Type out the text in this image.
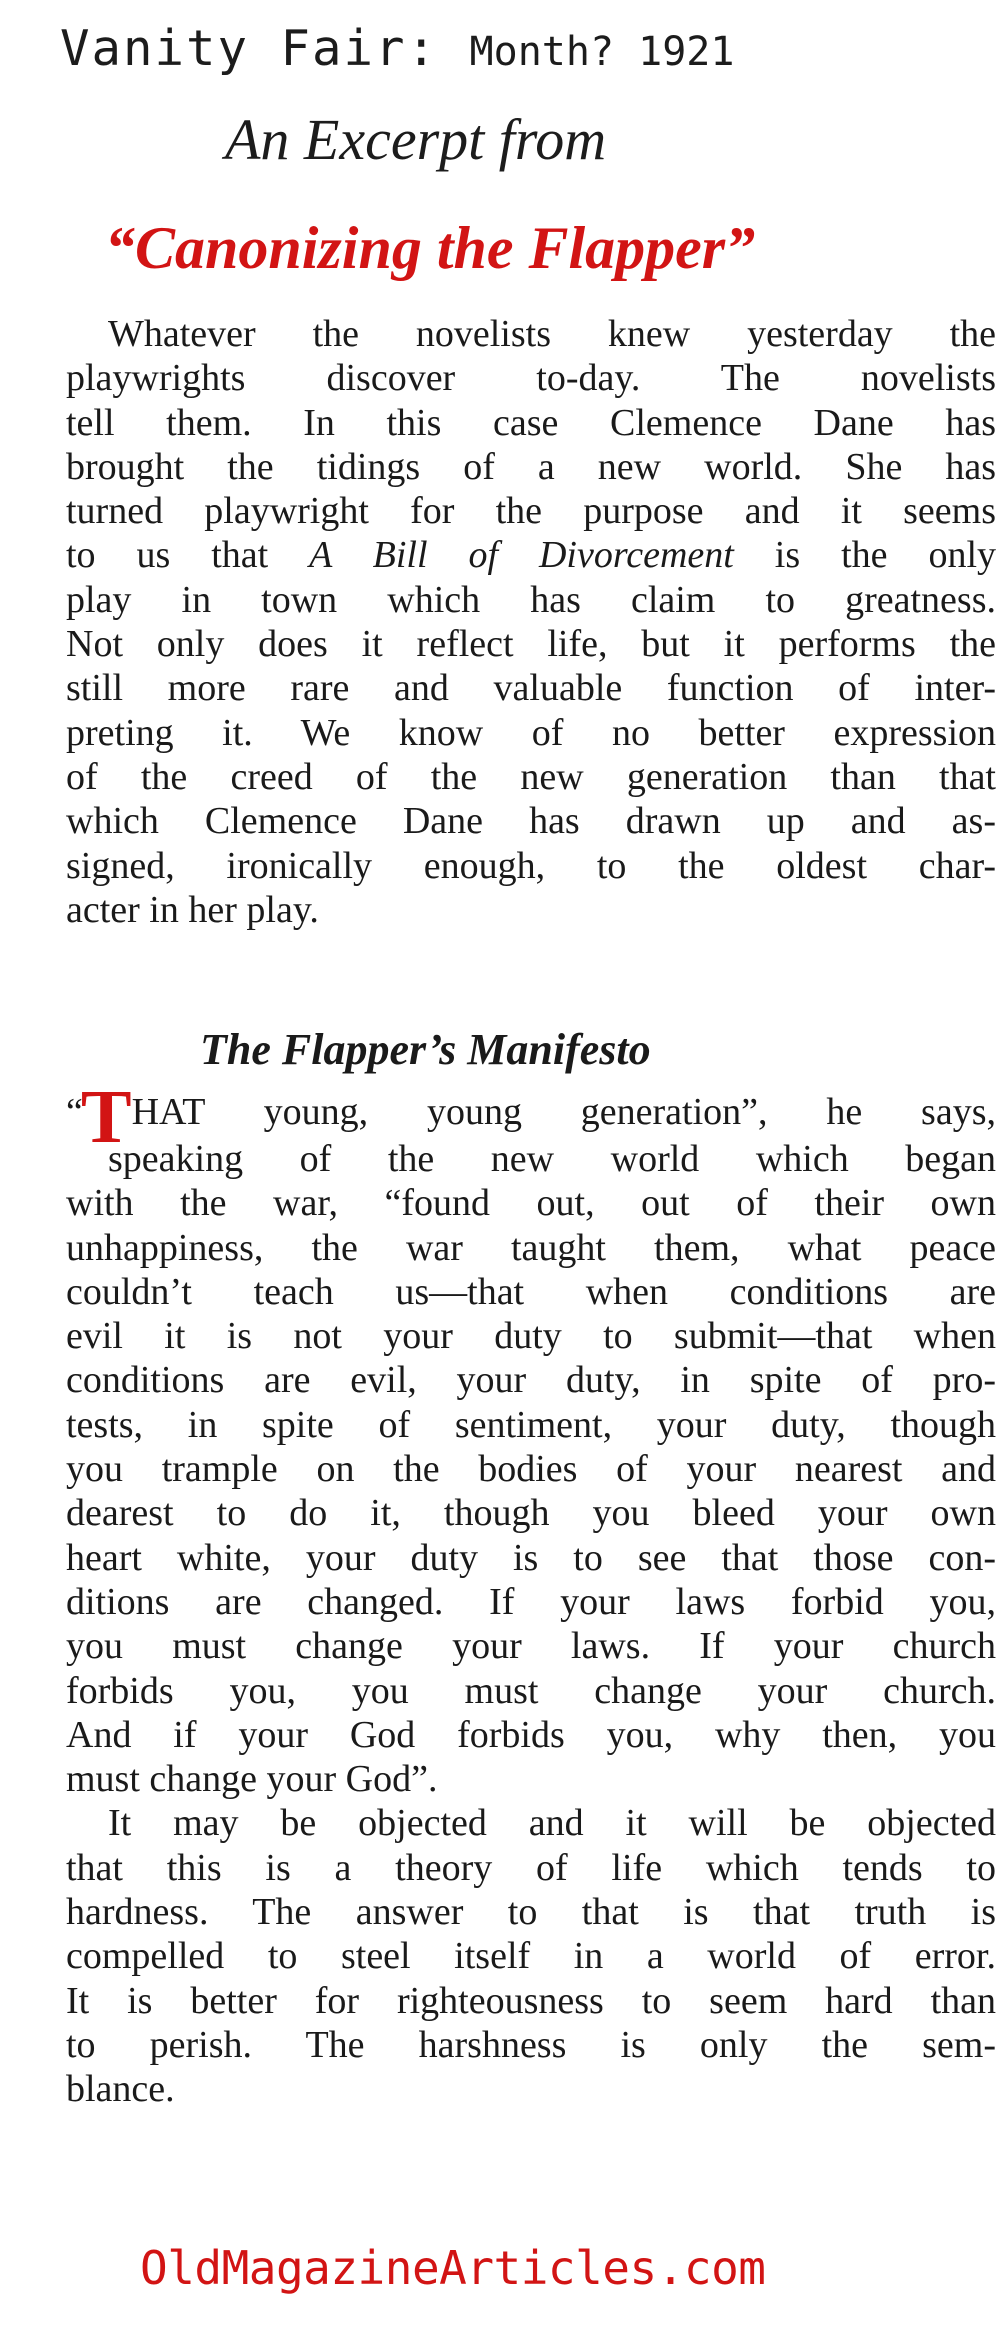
Vanity Fair: Month? 1921
An Excerpt from
“Canonizing the Flapper”
Whatever the novelists knew yesterday the
playwrights discover to-day. The novelists
tell them. In this case Clemence Dane has
brought the tidings of a new world. She has
turned playwright for the purpose and it seems
to us that A Bill of Divorcement is the only
play in town which has claim to greatness.
Not only does it reflect life, but it performs the
still more rare and valuable function of inter-
preting it. We know of no better expression
of the creed of the new generation than that
which Clemence Dane has drawn up and as-
signed, ironically enough, to the oldest char-
acter in her play.
The Flapper’s Manifesto
“THAT young, young generation”, he says,
speaking of the new world which began
with the war, “found out, out of their own
unhappiness, the war taught them, what peace
couldn’t teach us—that when conditions are
evil it is not your duty to submit—that when
conditions are evil, your duty, in spite of pro-
tests, in spite of sentiment, your duty, though
you trample on the bodies of your nearest and
dearest to do it, though you bleed your own
heart white, your duty is to see that those con-
ditions are changed. If your laws forbid you,
you must change your laws. If your church
forbids you, you must change your church.
And if your God forbids you, why then, you
must change your God”.
It may be objected and it will be objected
that this is a theory of life which tends to
hardness. The answer to that is that truth is
compelled to steel itself in a world of error.
It is better for righteousness to seem hard than
to perish. The harshness is only the sem-
blance.
OldMagazineArticles.com
